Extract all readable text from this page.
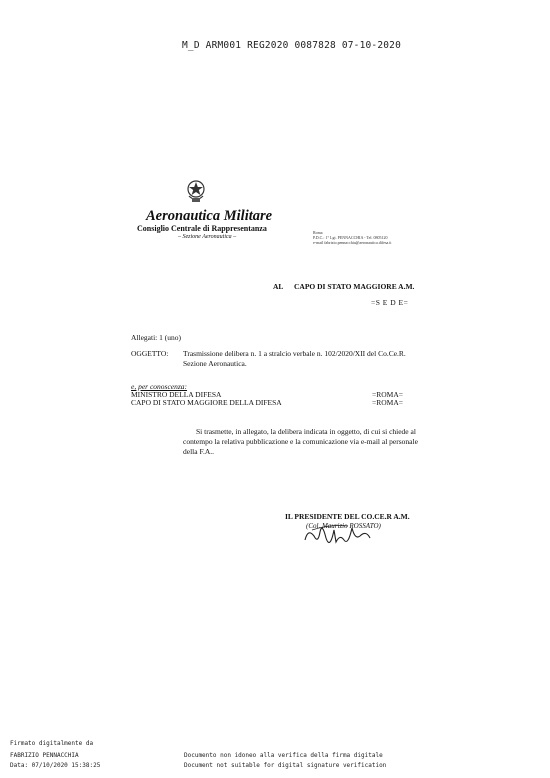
M_D ARM001 REG2020 0087828 07-10-2020
Aeronautica Militare
Consiglio Centrale di Rappresentanza
– Sezione Aeronautica –
Roma
P.D.C.: 1° Lgt. PENNACCHIA - Tel. 0805120
e-mail fabrizio.pennacchia@aeronautica.difesa.it
AL CAPO DI STATO MAGGIORE A.M.
=S E D E=
Allegati: 1 (uno)
OGGETTO: Trasmissione delibera n. 1 a stralcio verbale n. 102/2020/XII del Co.Ce.R.
Sezione Aeronautica.
e, per conoscenza:
MINISTRO DELLA DIFESA	=ROMA=
CAPO DI STATO MAGGIORE DELLA DIFESA	=ROMA=
Si trasmette, in allegato, la delibera indicata in oggetto, di cui si chiede al
contempo la relativa pubblicazione e la comunicazione via e-mail al personale
della F.A..
IL PRESIDENTE DEL CO.CE.R A.M.
(Col. Maurizio ROSSATO)
Firmato digitalmente da
FABRIZIO PENNACCHIA
Data: 07/10/2020 15:38:25
Documento non idoneo alla verifica della firma digitale
Document not suitable for digital signature verification
